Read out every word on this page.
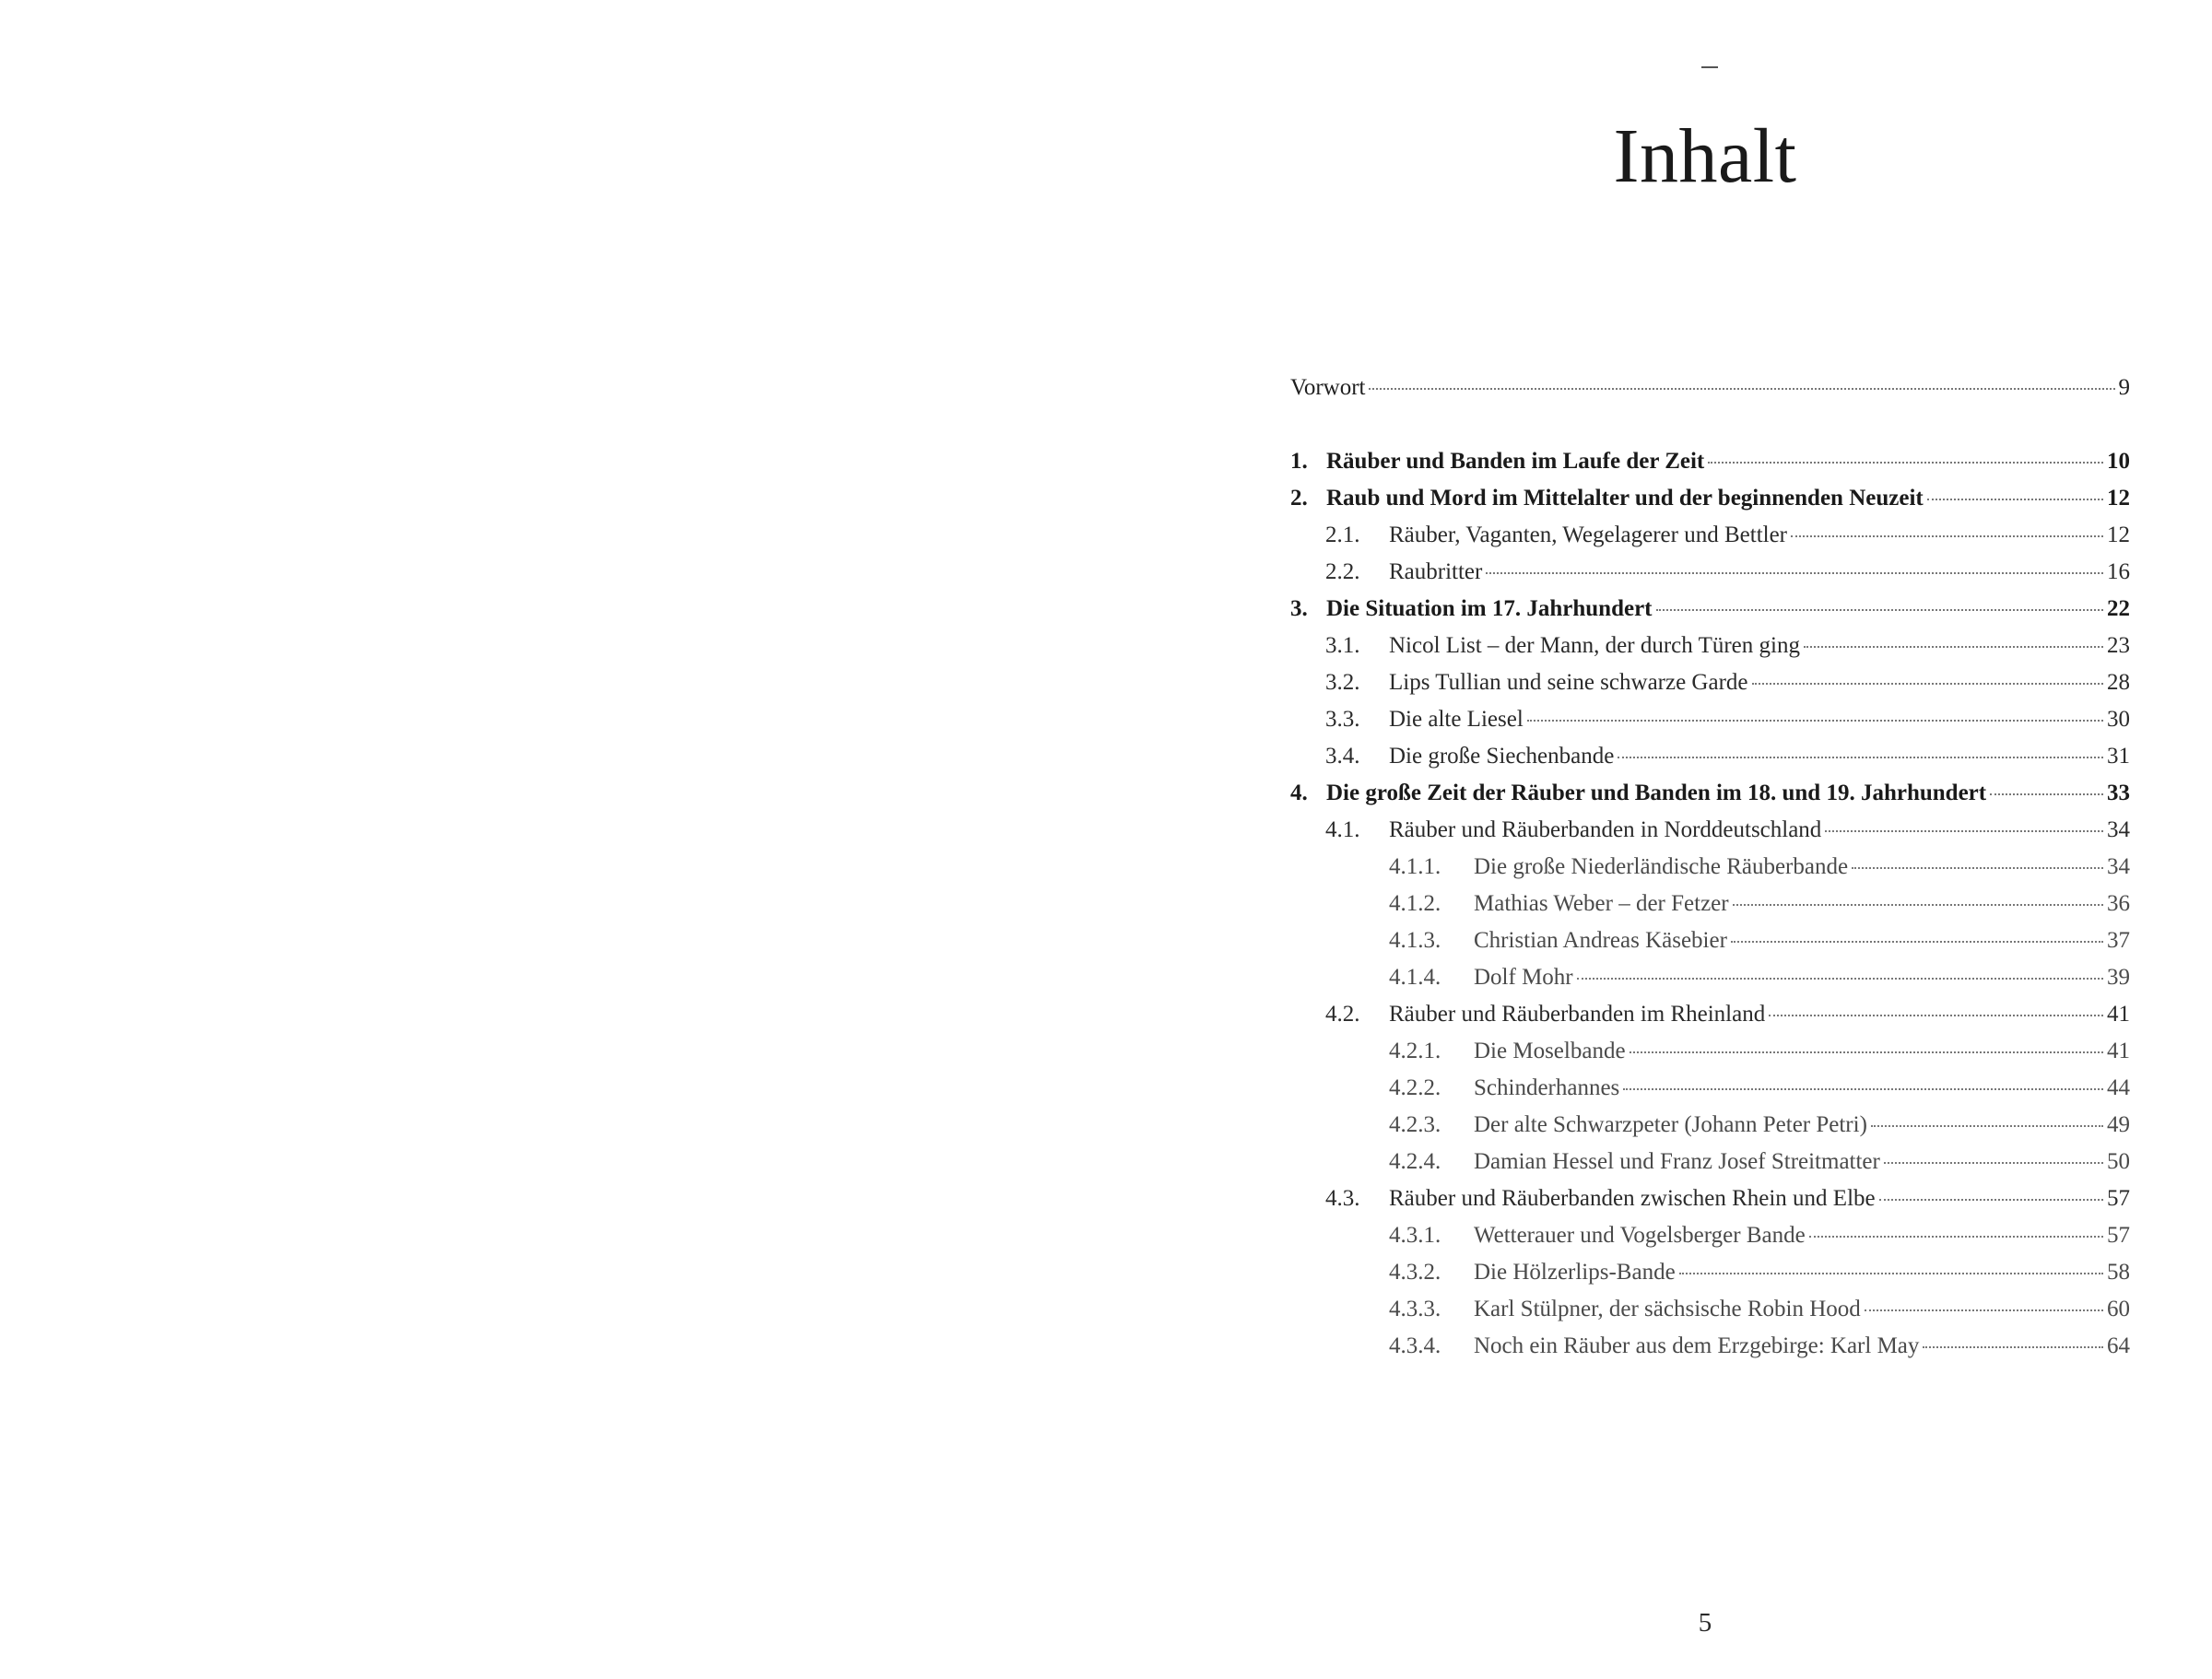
Inhalt
Vorwort	9
1. Räuber und Banden im Laufe der Zeit	10
2. Raub und Mord im Mittelalter und der beginnenden Neuzeit	12
2.1.	Räuber, Vaganten, Wegelagerer und Bettler	12
2.2.	Raubritter	16
3. Die Situation im 17. Jahrhundert	22
3.1.	Nicol List – der Mann, der durch Türen ging	23
3.2.	Lips Tullian und seine schwarze Garde	28
3.3.	Die alte Liesel	30
3.4.	Die große Siechenbande	31
4. Die große Zeit der Räuber und Banden im 18. und 19. Jahrhundert	33
4.1.	Räuber und Räuberbanden in Norddeutschland	34
4.1.1.	Die große Niederländische Räuberbande	34
4.1.2.	Mathias Weber – der Fetzer	36
4.1.3.	Christian Andreas Käsebier	37
4.1.4.	Dolf Mohr	39
4.2.	Räuber und Räuberbanden im Rheinland	41
4.2.1.	Die Moselbande	41
4.2.2.	Schinderhannes	44
4.2.3.	Der alte Schwarzpeter (Johann Peter Petri)	49
4.2.4.	Damian Hessel und Franz Josef Streitmatter	50
4.3.	Räuber und Räuberbanden zwischen Rhein und Elbe	57
4.3.1.	Wetterauer und Vogelsberger Bande	57
4.3.2.	Die Hölzerlips-Bande	58
4.3.3.	Karl Stülpner, der sächsische Robin Hood	60
4.3.4.	Noch ein Räuber aus dem Erzgebirge: Karl May	64
5
